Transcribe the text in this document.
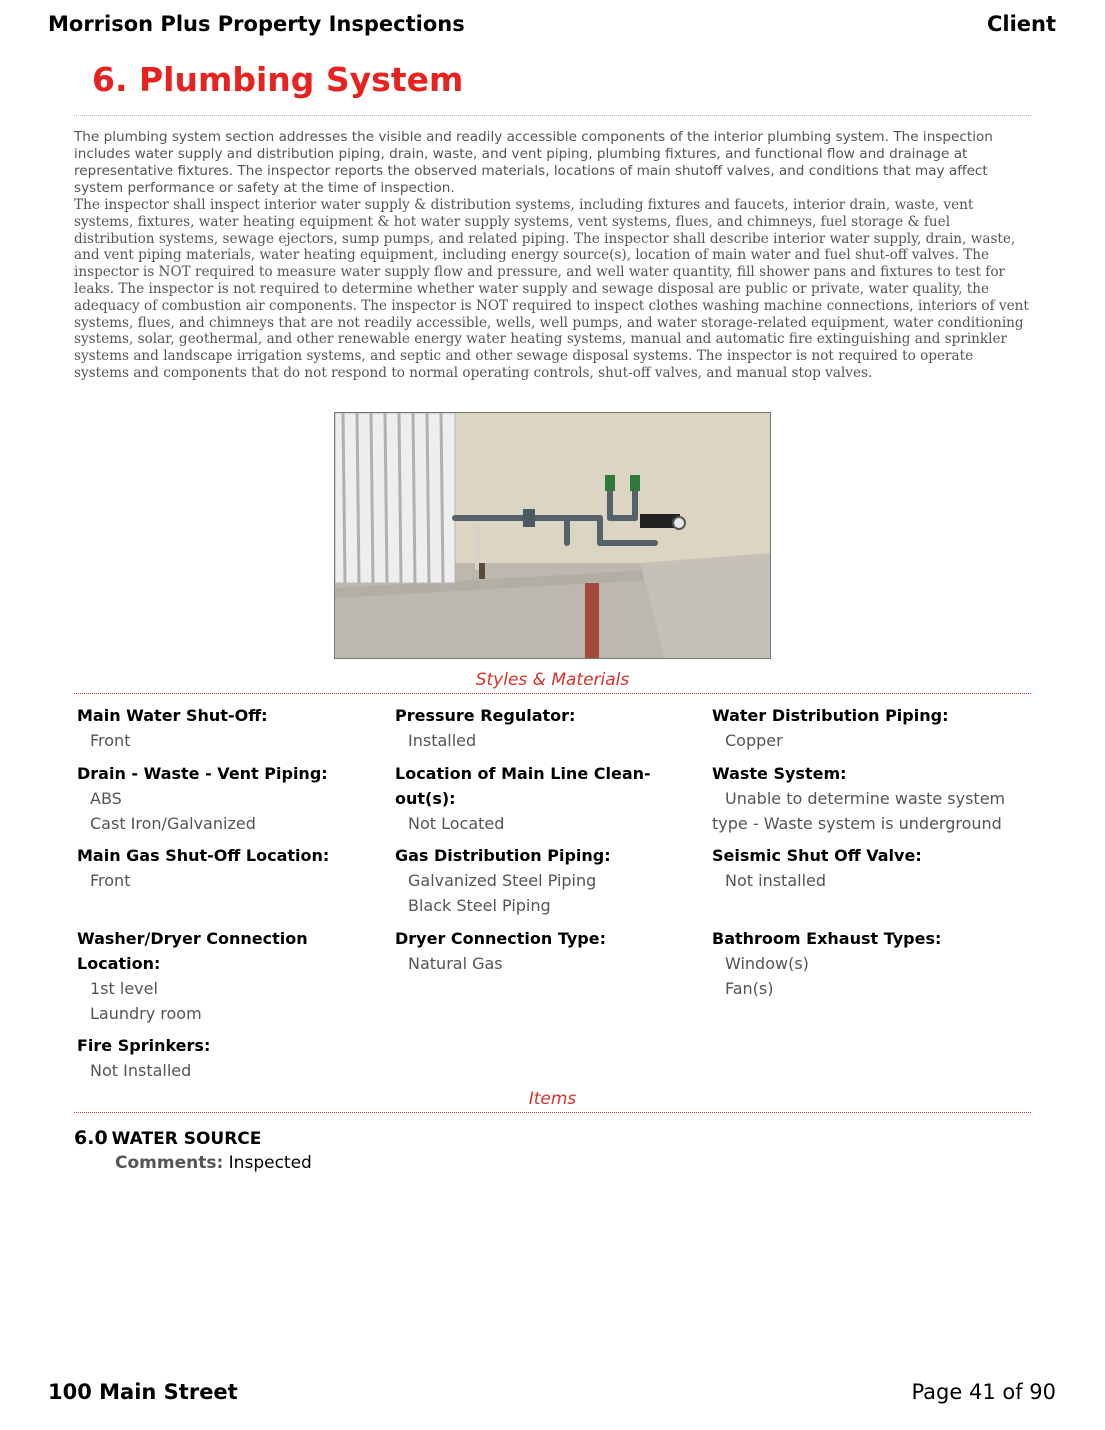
Morrison Plus Property Inspections	Client
6. Plumbing System

The plumbing system section addresses the visible and readily accessible components of the interior plumbing system. The inspection includes water supply and distribution piping, drain, waste, and vent piping, plumbing fixtures, and functional flow and drainage at representative fixtures. The inspector reports the observed materials, locations of main shutoff valves, and conditions that may affect system performance or safety at the time of inspection.

The inspector shall inspect interior water supply & distribution systems, including fixtures and faucets, interior drain, waste, vent systems, fixtures, water heating equipment & hot water supply systems, vent systems, flues, and chimneys, fuel storage & fuel distribution systems, sewage ejectors, sump pumps, and related piping. The inspector shall describe interior water supply, drain, waste, and vent piping materials, water heating equipment, including energy source(s), location of main water and fuel shut-off valves. The inspector is NOT required to measure water supply flow and pressure, and well water quantity, fill shower pans and fixtures to test for leaks. The inspector is not required to determine whether water supply and sewage disposal are public or private, water quality, the adequacy of combustion air components. The inspector is NOT required to inspect clothes washing machine connections, interiors of vent systems, flues, and chimneys that are not readily accessible, wells, well pumps, and water storage-related equipment, water conditioning systems, solar, geothermal, and other renewable energy water heating systems, manual and automatic fire extinguishing and sprinkler systems and landscape irrigation systems, and septic and other sewage disposal systems. The inspector is not required to operate systems and components that do not respond to normal operating controls, shut-off valves, and manual stop valves.

Styles & Materials
Main Water Shut-Off:
Front
Pressure Regulator:
Installed
Water Distribution Piping:
Copper
Drain - Waste - Vent Piping:
ABS
Cast Iron/Galvanized
Location of Main Line Clean-out(s):
Not Located
Waste System:
Unable to determine waste system type - Waste system is underground
Main Gas Shut-Off Location:
Front
Gas Distribution Piping:
Galvanized Steel Piping
Black Steel Piping
Seismic Shut Off Valve:
Not installed
Washer/Dryer Connection Location:
1st level
Laundry room
Dryer Connection Type:
Natural Gas
Bathroom Exhaust Types:
Window(s)
Fan(s)
Fire Sprinkers:
Not Installed
Items
6.0 WATER SOURCE
Comments: Inspected
100 Main Street	Page 41 of 90
